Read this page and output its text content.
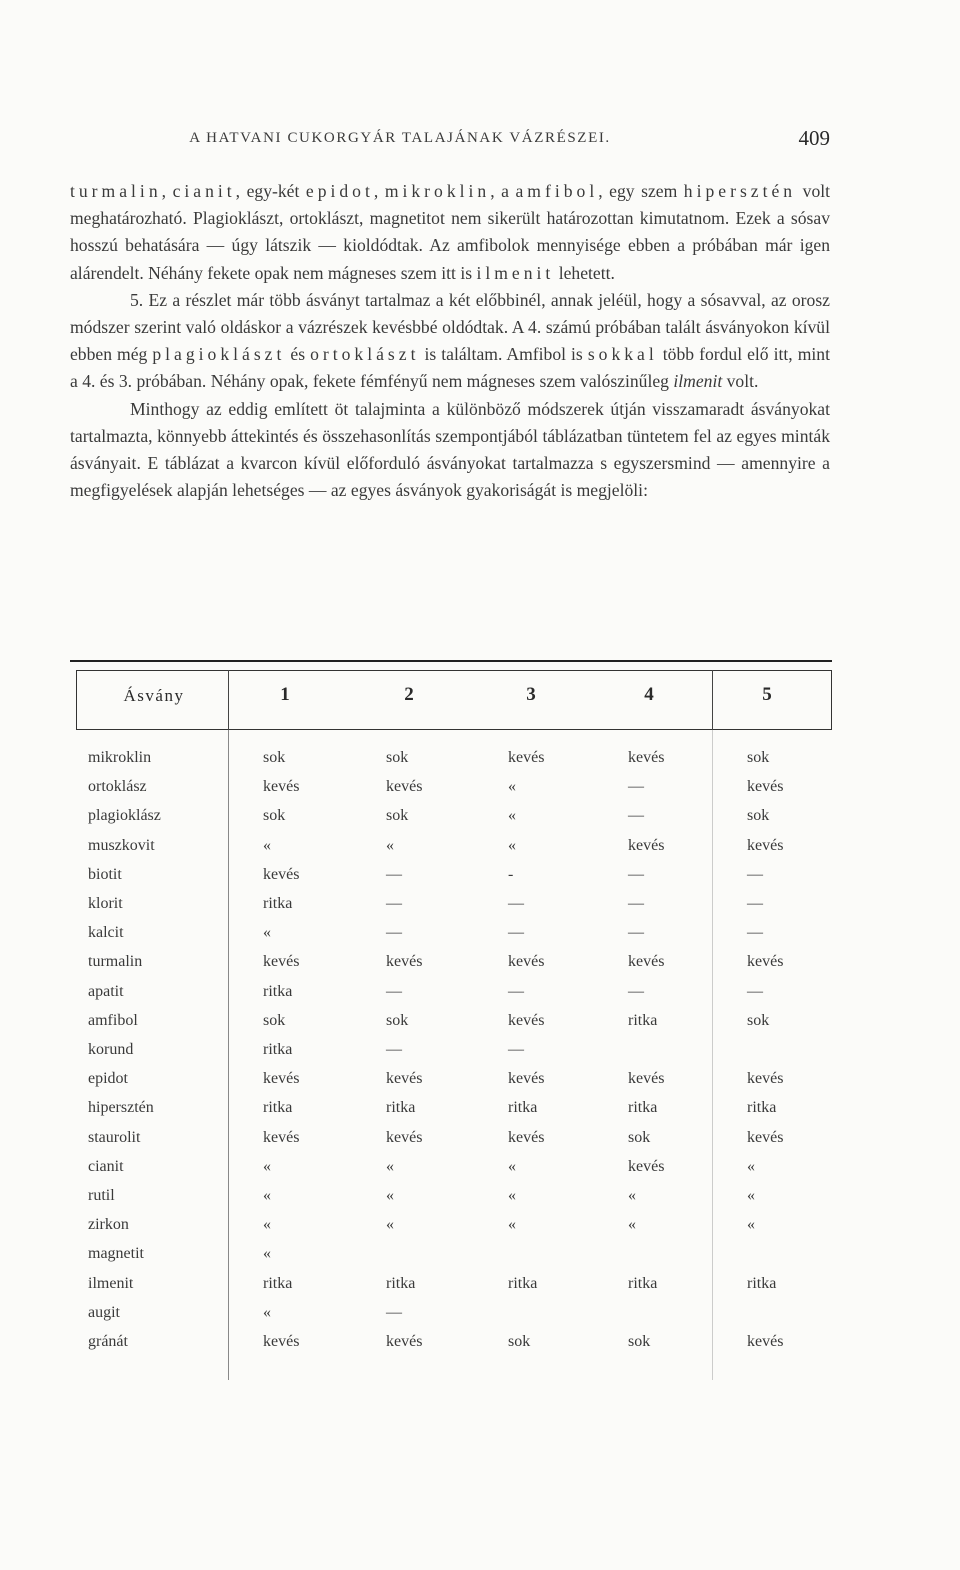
A HATVANI CUKORGYÁR TALAJÁNAK VÁZRÉSZEI.	409

turmalin, cianit, egy-két epidot, mikroklin, a amfibol, egy szem hipersztén volt meghatározható. Plagioklászt, ortoklászt, magnetitot nem sikerült határozottan kimutatnom. Ezek a sósav hosszú behatására — úgy látszik — kioldódtak. Az amfibolok mennyisége ebben a próbában már igen alárendelt. Néhány fekete opak nem mágneses szem itt is ilmenit lehetett.

5. Ez a részlet már több ásványt tartalmaz a két előbbinél, annak jeléül, hogy a sósavval, az orosz módszer szerint való oldáskor a vázrészek kevésbbé oldódtak. A 4. számú próbában talált ásványokon kívül ebben még plagioklászt és ortoklászt is találtam. Amfibol is sokkal több fordul elő itt, mint a 4. és 3. próbában. Néhány opak, fekete fémfényű nem mágneses szem valószinűleg ilmenit volt.

Minthogy az eddig említett öt talajminta a különböző módszerek útján visszamaradt ásványokat tartalmazta, könnyebb áttekintés és összehasonlítás szempontjából táblázatban tüntetem fel az egyes minták ásványait. E táblázat a kvarcon kívül előforduló ásványokat tartalmazza s egyszersmind — amennyire a megfigyelések alapján lehetséges — az egyes ásványok gyakoriságát is megjelöli:

Ásvány	1	2	3	4	5
mikroklin	sok	sok	kevés	kevés	sok
ortoklász	kevés	kevés	«	—	kevés
plagioklász	sok	sok	«	—	sok
muszkovit	«	«	«	kevés	kevés
biotit	kevés	—	-	—	—
klorit	ritka	—	—	—	—
kalcit	«	—	—	—	—
turmalin	kevés	kevés	kevés	kevés	kevés
apatit	ritka	—	—	—	—
amfibol	sok	sok	kevés	ritka	sok
korund	ritka	—	—
epidot	kevés	kevés	kevés	kevés	kevés
hipersztén	ritka	ritka	ritka	ritka	ritka
staurolit	kevés	kevés	kevés	sok	kevés
cianit	«	«	«	kevés	«
rutil	«	«	«	«	«
zirkon	«	«	«	«	«
magnetit	«
ilmenit	ritka	ritka	ritka	ritka	ritka
augit	«	—
gránát	kevés	kevés	sok	sok	kevés
